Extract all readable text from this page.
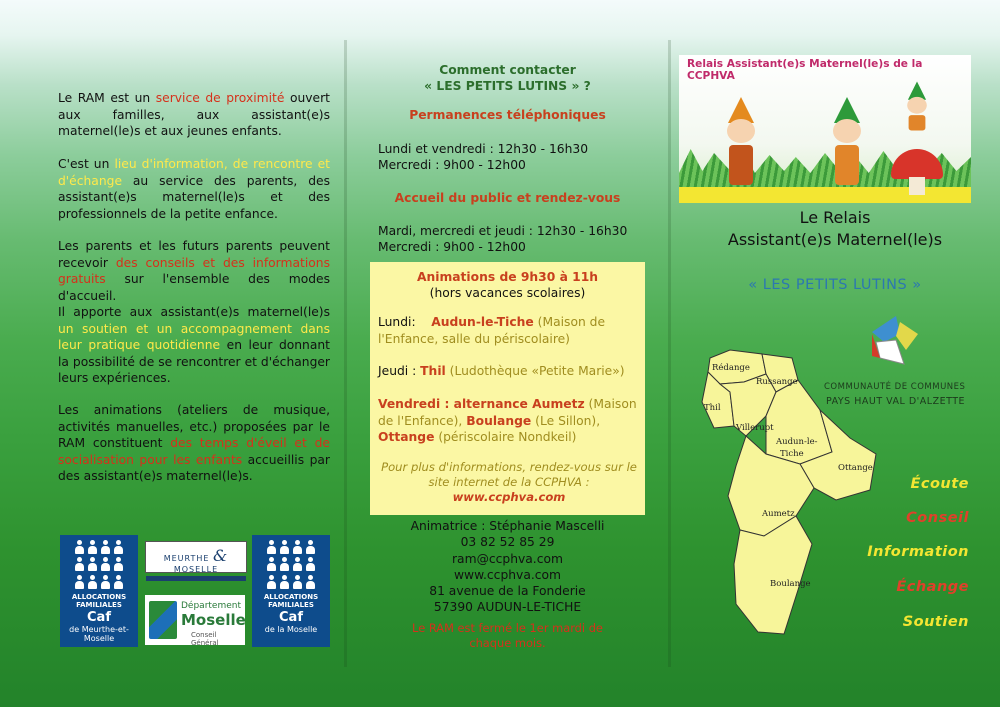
Le RAM est un service de proximité ouvert aux familles, aux assistant(e)s maternel(le)s et aux jeunes enfants.

C'est un lieu d'information, de rencontre et d'échange au service des parents, des assistant(e)s maternel(le)s et des professionnels de la petite enfance.

Les parents et les futurs parents peuvent recevoir des conseils et des informations gratuits sur l'ensemble des modes d'accueil.

Il apporte aux assistant(e)s maternel(le)s un soutien et un accompagnement dans leur pratique quotidienne en leur donnant la possibilité de se rencontrer et d'échanger leurs expériences.

Les animations (ateliers de musique, activités manuelles, etc.) proposées par le RAM constituent des temps d'éveil et de socialisation pour les enfants accueillis par des assistant(e)s maternel(le)s.

ALLOCATIONS FAMILIALES
Caf
de Meurthe-et-Moselle
MEURTHE & MOSELLE
Département
Moselle
Conseil Général
ALLOCATIONS FAMILIALES
Caf
de la Moselle

Comment contacter

« LES PETITS LUTINS » ?

Permanences téléphoniques

Lundi et vendredi : 12h30 - 16h30

Mercredi : 9h00 - 12h00

Accueil du public et rendez-vous

Mardi, mercredi et jeudi : 12h30 - 16h30

Mercredi : 9h00 - 12h00

Animations de 9h30 à 11h

(hors vacances scolaires)

Lundi: Audun-le-Tiche (Maison de l'Enfance, salle du périscolaire)

Jeudi : Thil (Ludothèque «Petite Marie»)

Vendredi : alternance Aumetz (Maison de l'Enfance), Boulange (Le Sillon), Ottange (périscolaire Nondkeil)

Pour plus d'informations, rendez-vous sur le site internet de la CCPHVA :
www.ccphva.com

Animatrice : Stéphanie Mascelli
03 82 52 85 29
ram@ccphva.com
www.ccphva.com
81 avenue de la Fonderie
57390 AUDUN-LE-TICHE
Le RAM est fermé le 1er mardi de
chaque mois.
Relais Assistant(e)s Maternel(le)s de la CCPHVA

Le Relais

Assistant(e)s Maternel(le)s

« LES PETITS LUTINS »

COMMUNAUTÉ DE COMMUNES
PAYS HAUT VAL D'ALZETTE
Rédange
Russange
Thil
Villerupt
Audun-le-
Tiche
Ottange
Aumetz
Boulange

Écoute

Conseil

Information

Échange

Soutien
